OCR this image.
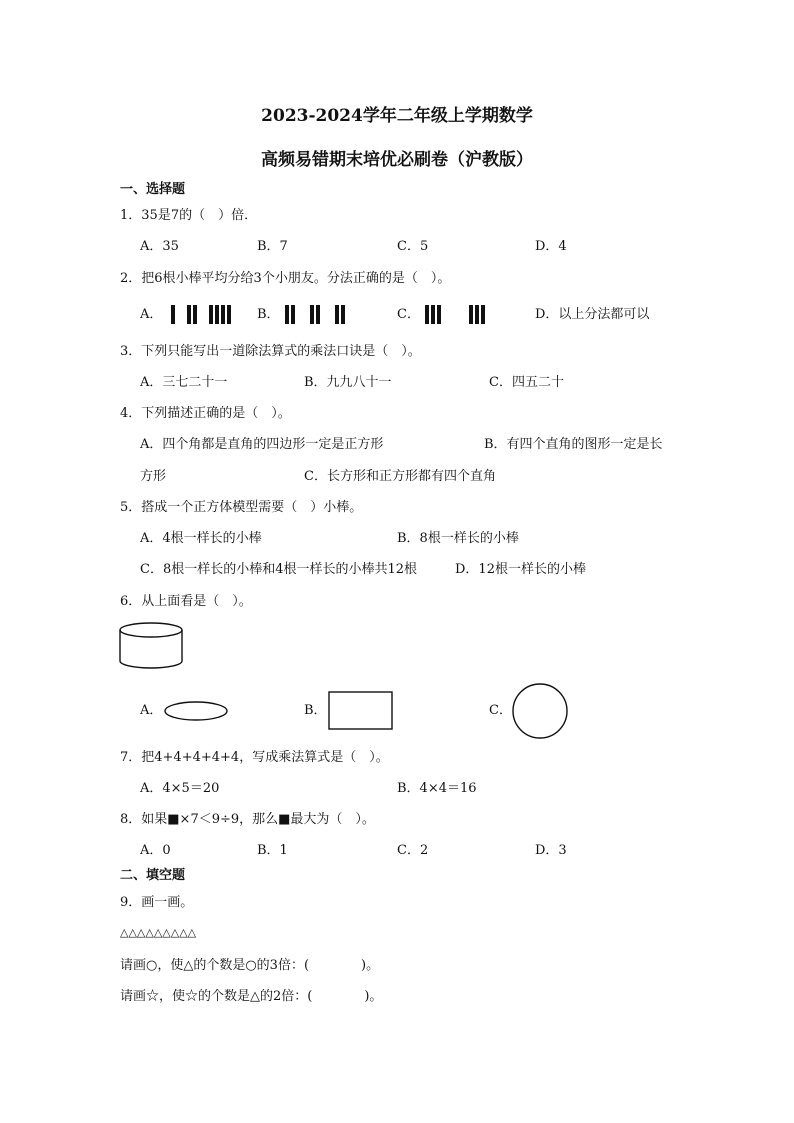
2023-2024学年二年级上学期数学
高频易错期末培优必刷卷（沪教版）
一、选择题
1．35是7的（　）倍．
A．35	B．7	C．5	D．4
2．把6根小棒平均分给3个小朋友。分法正确的是（　）。
A．	B．	C．	D．以上分法都可以
3．下列只能写出一道除法算式的乘法口诀是（　）。
A．三七二十一	B．九九八十一	C．四五二十
4．下列描述正确的是（　）。
A．四个角都是直角的四边形一定是正方形	B．有四个直角的图形一定是长
方形	C．长方形和正方形都有四个直角
5．搭成一个正方体模型需要（　）小棒。
A．4根一样长的小棒	B．8根一样长的小棒
C．8根一样长的小棒和4根一样长的小棒共12根	D．12根一样长的小棒
6．从上面看是（　）。
A．	B．	C．
7．把4+4+4+4+4，写成乘法算式是（　）。
A．4×5＝20	B．4×4＝16
8．如果■×7＜9÷9，那么■最大为（　）。
A．0	B．1	C．2	D．3
二、填空题
9．画一画。
△△△△△△△△△
请画○，使△的个数是○的3倍：(　　　　)。
请画☆，使☆的个数是△的2倍：(　　　　)。
